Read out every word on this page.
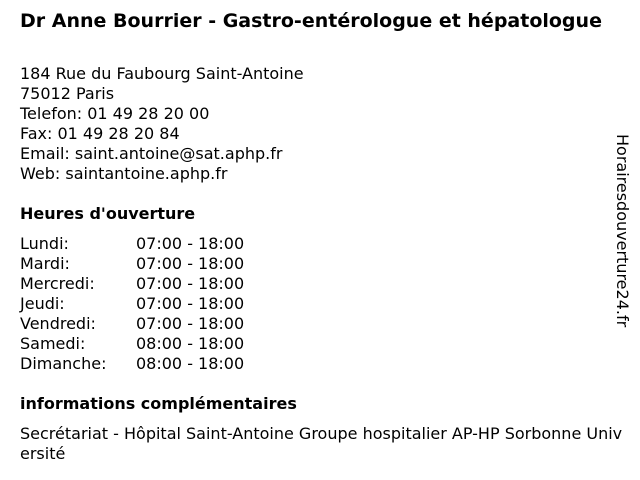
Dr Anne Bourrier - Gastro-entérologue et hépatologue
184 Rue du Faubourg Saint-Antoine
75012 Paris
Telefon: 01 49 28 20 00
Fax: 01 49 28 20 84
Email: saint.antoine@sat.aphp.fr
Web: saintantoine.aphp.fr
Heures d'ouverture
Lundi:	07:00 - 18:00
Mardi:	07:00 - 18:00
Mercredi:	07:00 - 18:00
Jeudi:	07:00 - 18:00
Vendredi:	07:00 - 18:00
Samedi:	08:00 - 18:00
Dimanche: 08:00 - 18:00
informations complémentaires
Secrétariat - Hôpital Saint-Antoine Groupe hospitalier AP-HP Sorbonne Université
Horairesdouverture24.fr
